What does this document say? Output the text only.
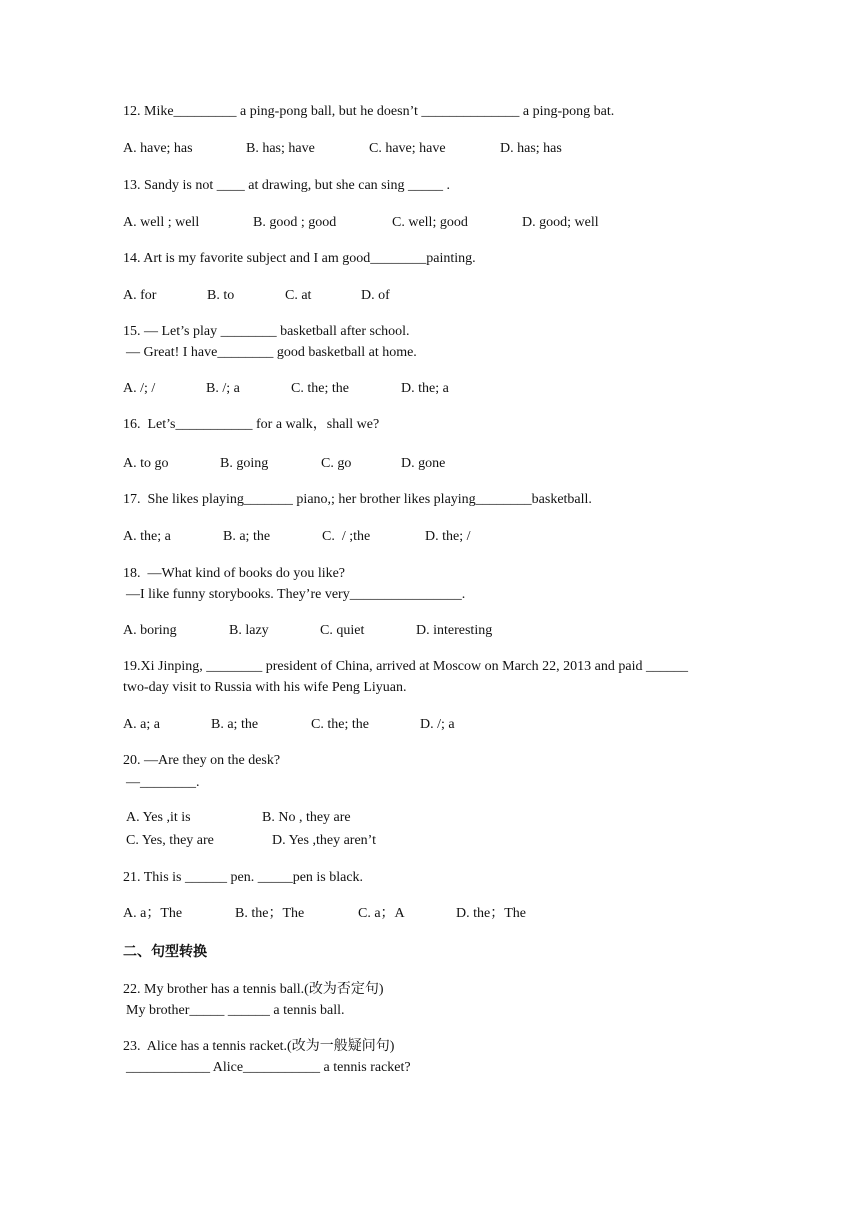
12. Mike_________ a ping-pong ball, but he doesn’t ______________ a ping-pong bat.
A. have; has	B. has; have	C. have; have	D. has; has
13. Sandy is not ____ at drawing, but she can sing _____ .
A. well ; well	B. good ; good	C. well; good	D. good; well
14. Art is my favorite subject and I am good________painting.
A. for	B. to	C. at	D. of
15. — Let’s play ________ basketball after school.
— Great! I have________ good basketball at home.
A. /; /	B. /; a	C. the; the	D. the; a
16.  Let’s___________ for a walk，shall we?
A. to go	B. going	C. go	D. gone
17.  She likes playing_______ piano,; her brother likes playing________basketball.
A. the; a	B. a; the	C.  / ;the	D. the; /
18.  —What kind of books do you like?
—I like funny storybooks. They’re very________________.
A. boring	B. lazy	C. quiet	D. interesting
19.Xi Jinping, ________ president of China, arrived at Moscow on March 22, 2013 and paid ______
two-day visit to Russia with his wife Peng Liyuan.
A. a; a	B. a; the	C. the; the	D. /; a
20. —Are they on the desk?
—________.
A. Yes ,it is	B. No , they are
C. Yes, they are	D. Yes ,they aren’t
21. This is ______ pen. _____pen is black.
A. a；The	B. the；The	C. a；A	D. the；The
二、句型转换
22. My brother has a tennis ball.(改为否定句)
My brother_____ ______ a tennis ball.
23.  Alice has a tennis racket.(改为一般疑问句)
____________ Alice___________ a tennis racket?
